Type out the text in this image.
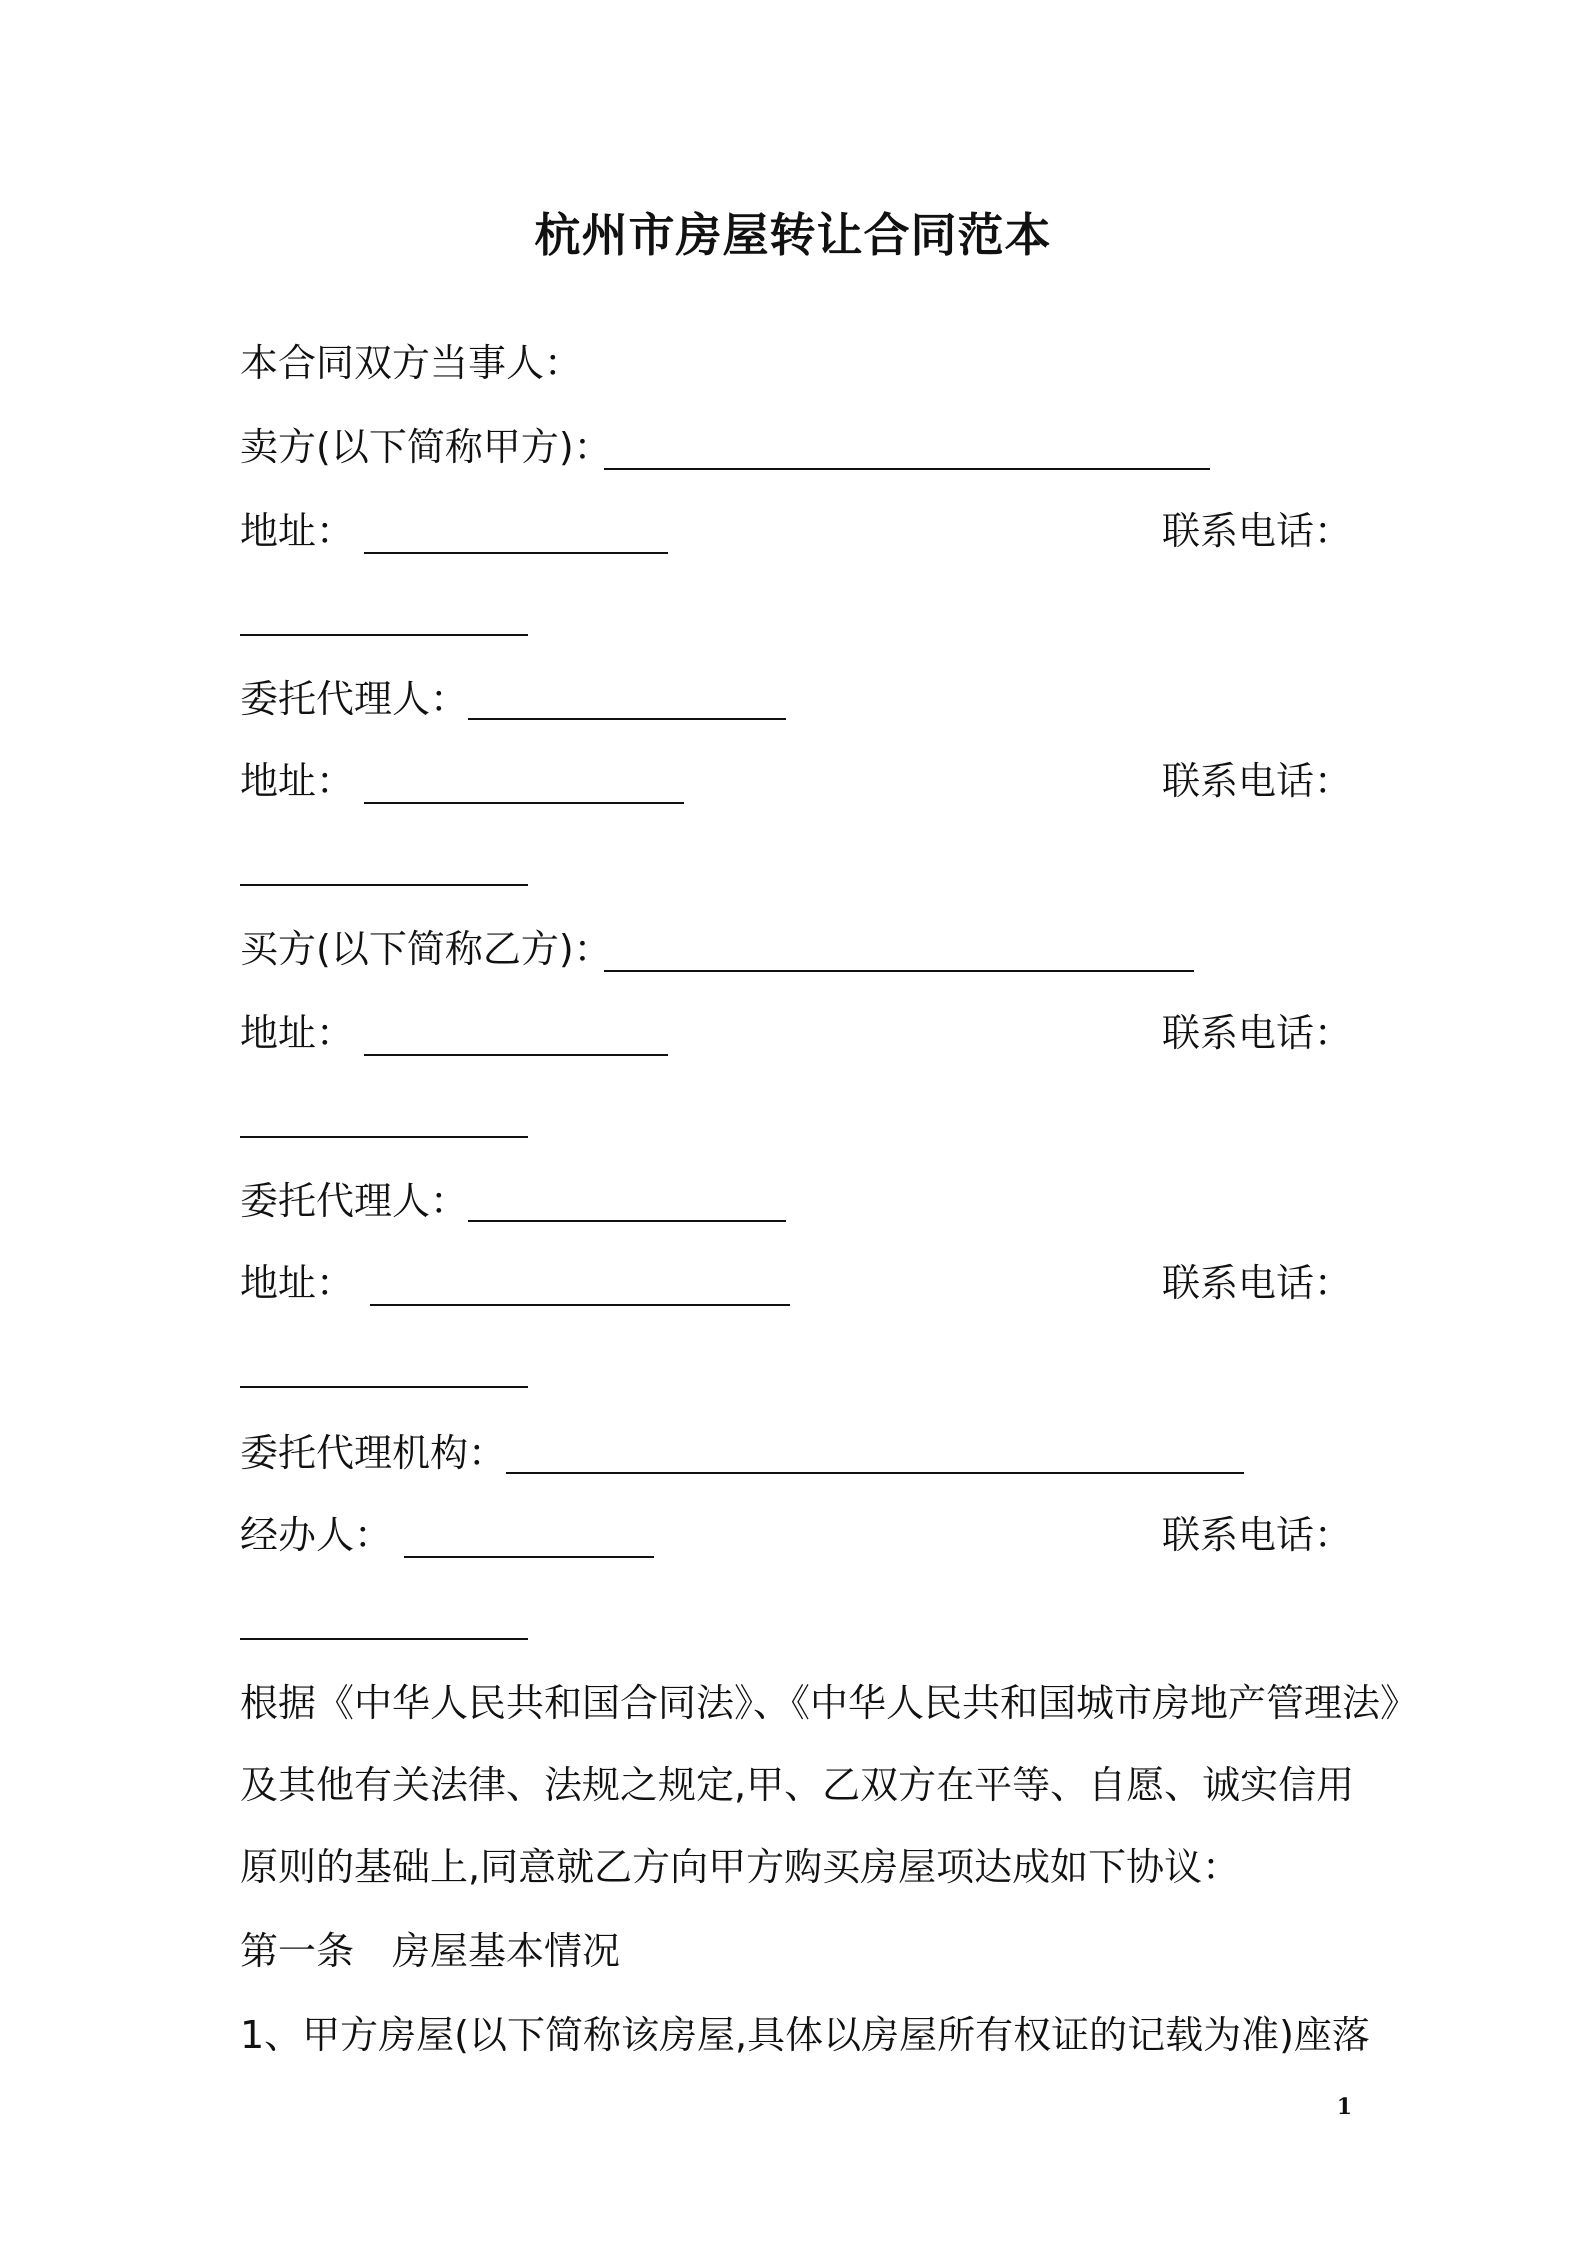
杭州市房屋转让合同范本
本合同双方当事人：
卖方(以下简称甲方)：
地址：	联系电话：
委托代理人：
地址：	联系电话：
买方(以下简称乙方)：
地址：	联系电话：
委托代理人：
地址：	联系电话：
委托代理机构：
经办人：	联系电话：
根据《中华人民共和国合同法》、《中华人民共和国城市房地产管理法》
及其他有关法律、法规之规定,甲、乙双方在平等、自愿、诚实信用
原则的基础上,同意就乙方向甲方购买房屋项达成如下协议：
第一条　房屋基本情况
1、甲方房屋(以下简称该房屋,具体以房屋所有权证的记载为准)座落
1
